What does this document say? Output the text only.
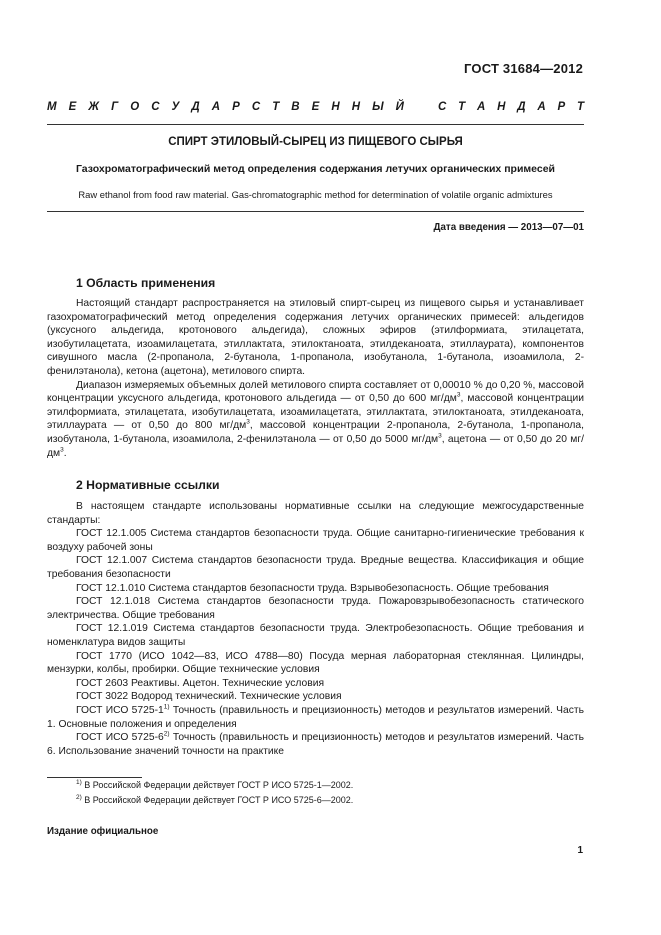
ГОСТ 31684—2012
М Е Ж Г О С У Д А Р С Т В Е Н Н Ы Й	С Т А Н Д А Р Т
СПИРТ ЭТИЛОВЫЙ-СЫРЕЦ ИЗ ПИЩЕВОГО СЫРЬЯ
Газохроматографический метод определения содержания летучих органических примесей
Raw ethanol from food raw material. Gas-chromatographic method for determination of volatile organic admixtures
Дата введения — 2013—07—01
1 Область применения

Настоящий стандарт распространяется на этиловый спирт-сырец из пищевого сырья и устанавливает газохроматографический метод определения содержания летучих органических примесей: альдегидов (уксусного альдегида, кротонового альдегида), сложных эфиров (этилформиата, этилацетата, изобутилацетата, изоамилацетата, этиллактата, этилоктаноата, этилдеканоата, этиллаурата), компонентов сивушного масла (2-пропанола, 2-бутанола, 1-пропанола, изобутанола, 1-бутанола, изоамилола, 2-фенилэтанола), кетона (ацетона), метилового спирта.

Диапазон измеряемых объемных долей метилового спирта составляет от 0,00010 % до 0,20 %, массовой концентрации уксусного альдегида, кротонового альдегида — от 0,50 до 600 $мг/дм^3$, массовой концентрации этилформиата, этилацетата, изобутилацетата, изоамилацетата, этиллактата, этилоктаноата, этилдеканоата, этиллаурата — от 0,50 до 800 $мг/дм^3$, массовой концентрации 2-пропанола, 2-бутанола, 1-пропанола, изобутанола, 1-бутанола, изоамилола, 2-фенилэтанола — от 0,50 до 5000 $мг/дм^3$, ацетона — от 0,50 до 20 $мг/дм^3$.

2 Нормативные ссылки

В настоящем стандарте использованы нормативные ссылки на следующие межгосударственные стандарты:

ГОСТ 12.1.005 Система стандартов безопасности труда. Общие санитарно-гигиенические требования к воздуху рабочей зоны

ГОСТ 12.1.007 Система стандартов безопасности труда. Вредные вещества. Классификация и общие требования безопасности

ГОСТ 12.1.010 Система стандартов безопасности труда. Взрывобезопасность. Общие требования

ГОСТ 12.1.018 Система стандартов безопасности труда. Пожаровзрывобезопасность статического электричества. Общие требования

ГОСТ 12.1.019 Система стандартов безопасности труда. Электробезопасность. Общие требования и номенклатура видов защиты

ГОСТ 1770 (ИСО 1042—83, ИСО 4788—80) Посуда мерная лабораторная стеклянная. Цилиндры, мензурки, колбы, пробирки. Общие технические условия

ГОСТ 2603 Реактивы. Ацетон. Технические условия

ГОСТ 3022 Водород технический. Технические условия

ГОСТ ИСО 5725-1$^{1)}$ Точность (правильность и прецизионность) методов и результатов измерений. Часть 1. Основные положения и определения

ГОСТ ИСО 5725-6$^{2)}$ Точность (правильность и прецизионность) методов и результатов измерений. Часть 6. Использование значений точности на практике

$^{1)}$ В Российской Федерации действует ГОСТ Р ИСО 5725-1—2002.
$^{2)}$ В Российской Федерации действует ГОСТ Р ИСО 5725-6—2002.
Издание официальное
1
